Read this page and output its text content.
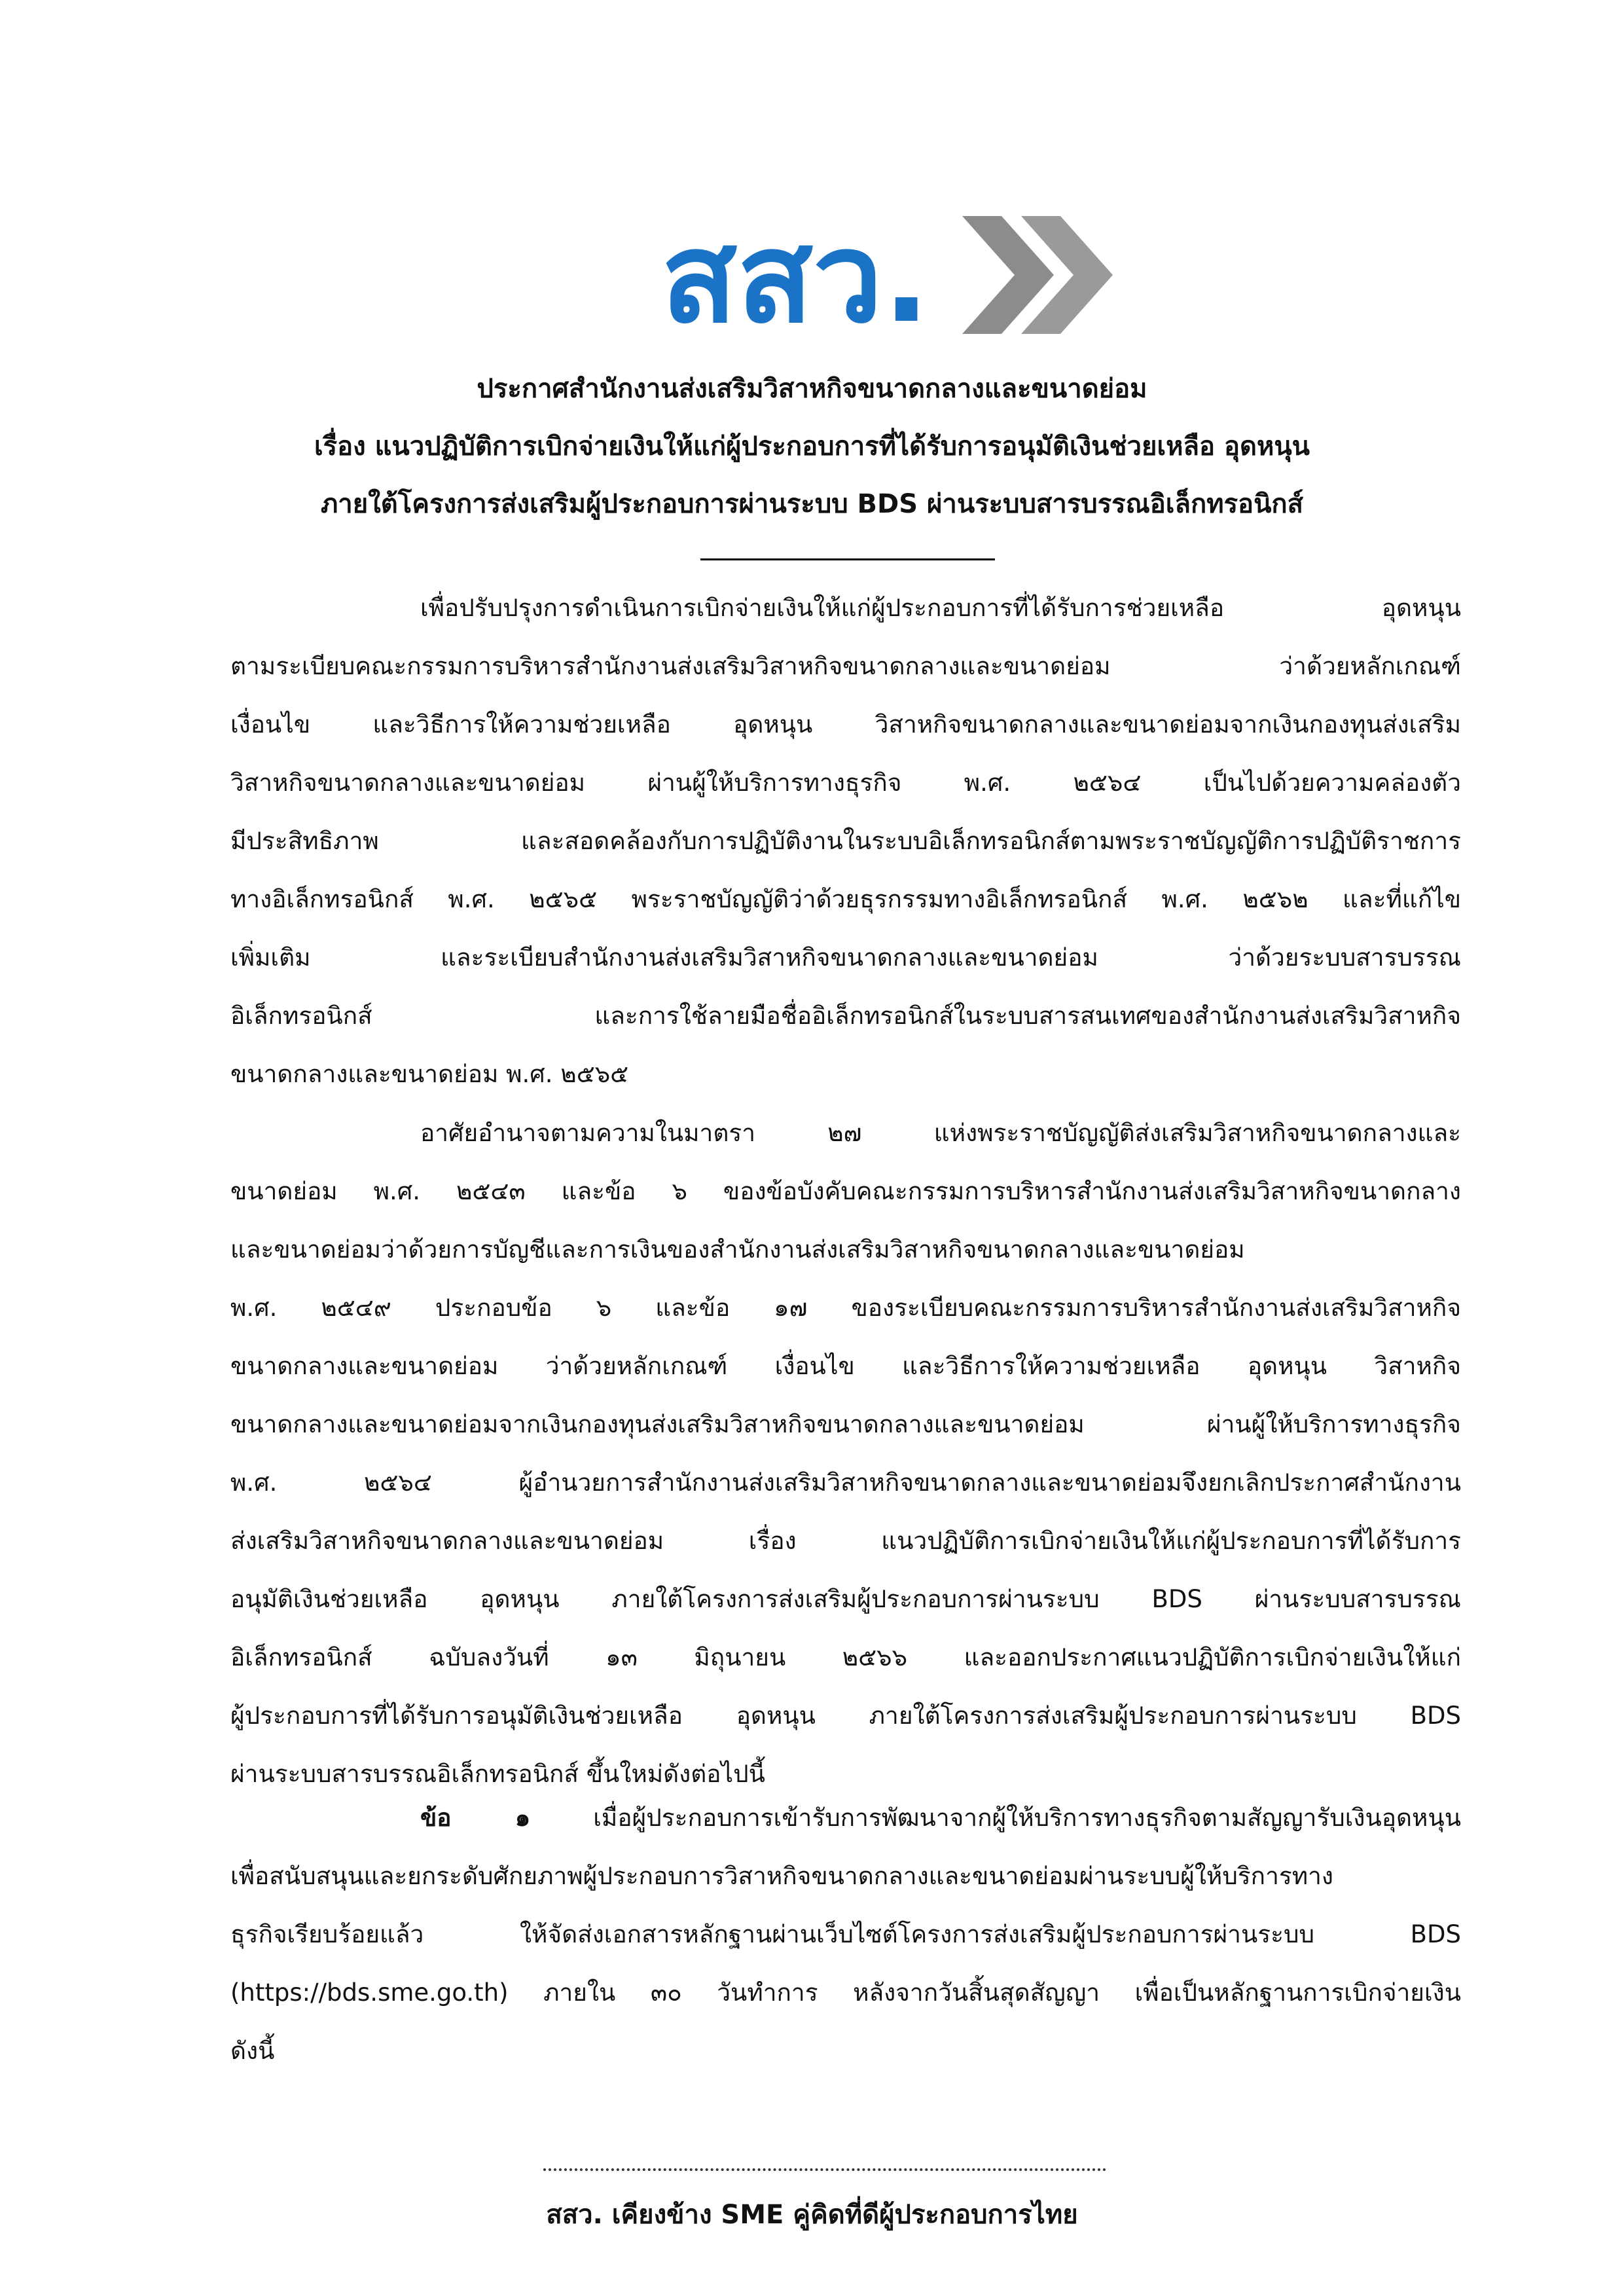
สสว.
ประกาศสำนักงานส่งเสริมวิสาหกิจขนาดกลางและขนาดย่อม
เรื่อง แนวปฏิบัติการเบิกจ่ายเงินให้แก่ผู้ประกอบการที่ได้รับการอนุมัติเงินช่วยเหลือ อุดหนุน
ภายใต้โครงการส่งเสริมผู้ประกอบการผ่านระบบ BDS ผ่านระบบสารบรรณอิเล็กทรอนิกส์
เพื่อปรับปรุงการดำเนินการเบิกจ่ายเงินให้แก่ผู้ประกอบการที่ได้รับการช่วยเหลือ อุดหนุน
ตามระเบียบคณะกรรมการบริหารสำนักงานส่งเสริมวิสาหกิจขนาดกลางและขนาดย่อม ว่าด้วยหลักเกณฑ์
เงื่อนไข และวิธีการให้ความช่วยเหลือ อุดหนุน วิสาหกิจขนาดกลางและขนาดย่อมจากเงินกองทุนส่งเสริม
วิสาหกิจขนาดกลางและขนาดย่อม ผ่านผู้ให้บริการทางธุรกิจ พ.ศ. ๒๕๖๔ เป็นไปด้วยความคล่องตัว
มีประสิทธิภาพ และสอดคล้องกับการปฏิบัติงานในระบบอิเล็กทรอนิกส์ตามพระราชบัญญัติการปฏิบัติราชการ
ทางอิเล็กทรอนิกส์ พ.ศ. ๒๕๖๕ พระราชบัญญัติว่าด้วยธุรกรรมทางอิเล็กทรอนิกส์ พ.ศ. ๒๕๖๒ และที่แก้ไข
เพิ่มเติม และระเบียบสำนักงานส่งเสริมวิสาหกิจขนาดกลางและขนาดย่อม ว่าด้วยระบบสารบรรณ
อิเล็กทรอนิกส์ และการใช้ลายมือชื่ออิเล็กทรอนิกส์ในระบบสารสนเทศของสำนักงานส่งเสริมวิสาหกิจ
ขนาดกลางและขนาดย่อม พ.ศ. ๒๕๖๕
อาศัยอำนาจตามความในมาตรา ๒๗ แห่งพระราชบัญญัติส่งเสริมวิสาหกิจขนาดกลางและ
ขนาดย่อม พ.ศ. ๒๕๔๓ และข้อ ๖ ของข้อบังคับคณะกรรมการบริหารสำนักงานส่งเสริมวิสาหกิจขนาดกลาง
และขนาดย่อมว่าด้วยการบัญชีและการเงินของสำนักงานส่งเสริมวิสาหกิจขนาดกลางและขนาดย่อม
พ.ศ. ๒๕๔๙ ประกอบข้อ ๖ และข้อ ๑๗ ของระเบียบคณะกรรมการบริหารสำนักงานส่งเสริมวิสาหกิจ
ขนาดกลางและขนาดย่อม ว่าด้วยหลักเกณฑ์ เงื่อนไข และวิธีการให้ความช่วยเหลือ อุดหนุน วิสาหกิจ
ขนาดกลางและขนาดย่อมจากเงินกองทุนส่งเสริมวิสาหกิจขนาดกลางและขนาดย่อม ผ่านผู้ให้บริการทางธุรกิจ
พ.ศ. ๒๕๖๔ ผู้อำนวยการสำนักงานส่งเสริมวิสาหกิจขนาดกลางและขนาดย่อมจึงยกเลิกประกาศสำนักงาน
ส่งเสริมวิสาหกิจขนาดกลางและขนาดย่อม เรื่อง แนวปฏิบัติการเบิกจ่ายเงินให้แก่ผู้ประกอบการที่ได้รับการ
อนุมัติเงินช่วยเหลือ อุดหนุน ภายใต้โครงการส่งเสริมผู้ประกอบการผ่านระบบ BDS ผ่านระบบสารบรรณ
อิเล็กทรอนิกส์ ฉบับลงวันที่ ๑๓ มิถุนายน ๒๕๖๖ และออกประกาศแนวปฏิบัติการเบิกจ่ายเงินให้แก่
ผู้ประกอบการที่ได้รับการอนุมัติเงินช่วยเหลือ อุดหนุน ภายใต้โครงการส่งเสริมผู้ประกอบการผ่านระบบ BDS
ผ่านระบบสารบรรณอิเล็กทรอนิกส์ ขึ้นใหม่ดังต่อไปนี้
ข้อ ๑ เมื่อผู้ประกอบการเข้ารับการพัฒนาจากผู้ให้บริการทางธุรกิจตามสัญญารับเงินอุดหนุน
เพื่อสนับสนุนและยกระดับศักยภาพผู้ประกอบการวิสาหกิจขนาดกลางและขนาดย่อมผ่านระบบผู้ให้บริการทาง
ธุรกิจเรียบร้อยแล้ว ให้จัดส่งเอกสารหลักฐานผ่านเว็บไซต์โครงการส่งเสริมผู้ประกอบการผ่านระบบ BDS
(https://bds.sme.go.th) ภายใน ๓๐ วันทำการ หลังจากวันสิ้นสุดสัญญา เพื่อเป็นหลักฐานการเบิกจ่ายเงิน
ดังนี้
สสว. เคียงข้าง SME คู่คิดที่ดีผู้ประกอบการไทย
